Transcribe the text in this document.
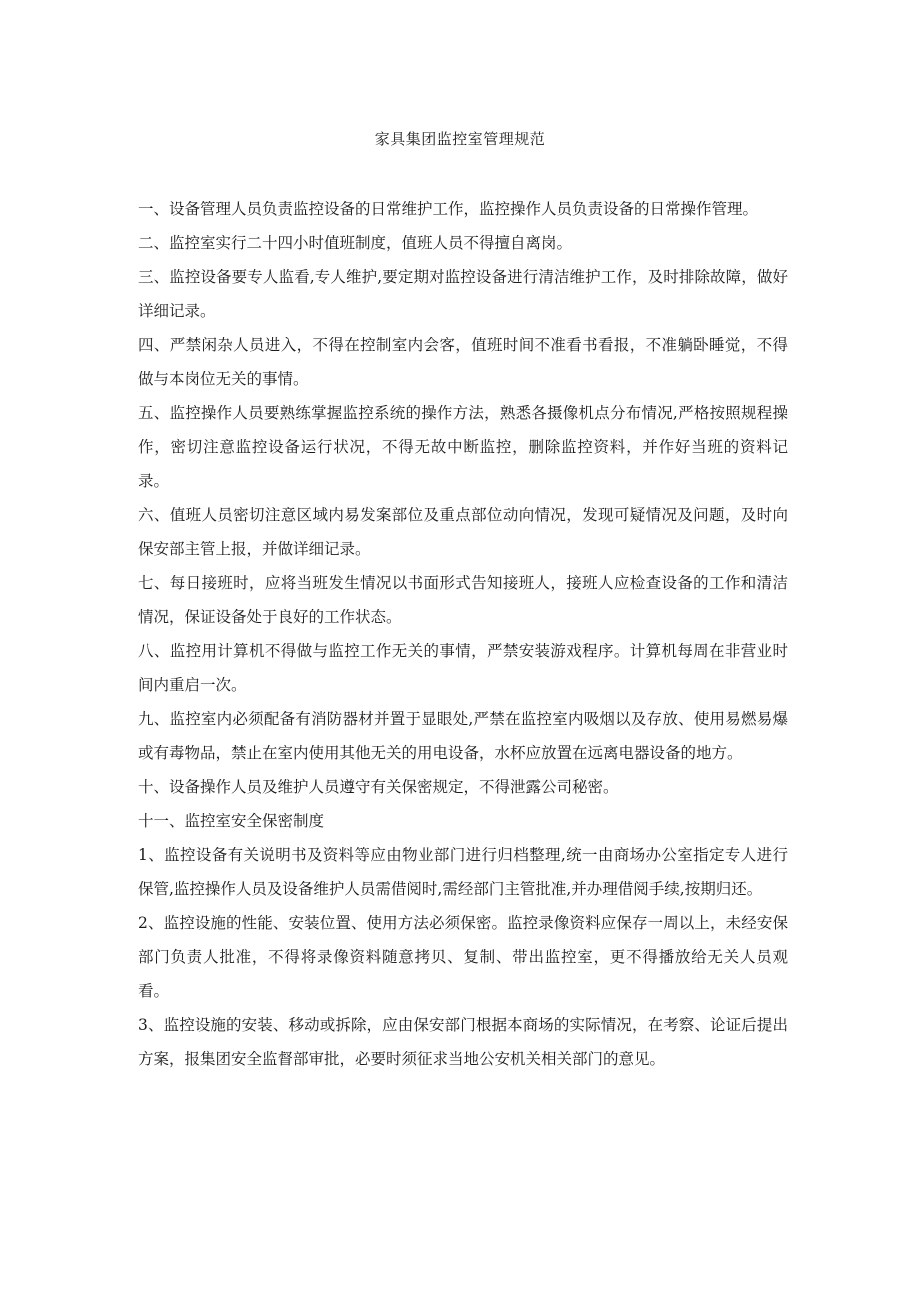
家具集团监控室管理规范

一、设备管理人员负责监控设备的日常维护工作，监控操作人员负责设备的日常操作管理。

二、监控室实行二十四小时值班制度，值班人员不得擅自离岗。

三、监控设备要专人监看,专人维护,要定期对监控设备进行清洁维护工作，及时排除故障，做好详细记录。

四、严禁闲杂人员进入，不得在控制室内会客，值班时间不准看书看报，不准躺卧睡觉，不得做与本岗位无关的事情。

五、监控操作人员要熟练掌握监控系统的操作方法，熟悉各摄像机点分布情况,严格按照规程操作，密切注意监控设备运行状况，不得无故中断监控，删除监控资料，并作好当班的资料记录。

六、值班人员密切注意区域内易发案部位及重点部位动向情况，发现可疑情况及问题，及时向保安部主管上报，并做详细记录。

七、每日接班时，应将当班发生情况以书面形式告知接班人，接班人应检查设备的工作和清洁情况，保证设备处于良好的工作状态。

八、监控用计算机不得做与监控工作无关的事情，严禁安装游戏程序。计算机每周在非营业时间内重启一次。

九、监控室内必须配备有消防器材并置于显眼处,严禁在监控室内吸烟以及存放、使用易燃易爆或有毒物品，禁止在室内使用其他无关的用电设备，水杯应放置在远离电器设备的地方。

十、设备操作人员及维护人员遵守有关保密规定，不得泄露公司秘密。

十一、监控室安全保密制度

1、监控设备有关说明书及资料等应由物业部门进行归档整理,统一由商场办公室指定专人进行保管,监控操作人员及设备维护人员需借阅时,需经部门主管批准,并办理借阅手续,按期归还。

2、监控设施的性能、安装位置、使用方法必须保密。监控录像资料应保存一周以上，未经安保部门负责人批准，不得将录像资料随意拷贝、复制、带出监控室，更不得播放给无关人员观看。

3、监控设施的安装、移动或拆除，应由保安部门根据本商场的实际情况，在考察、论证后提出方案，报集团安全监督部审批，必要时须征求当地公安机关相关部门的意见。
